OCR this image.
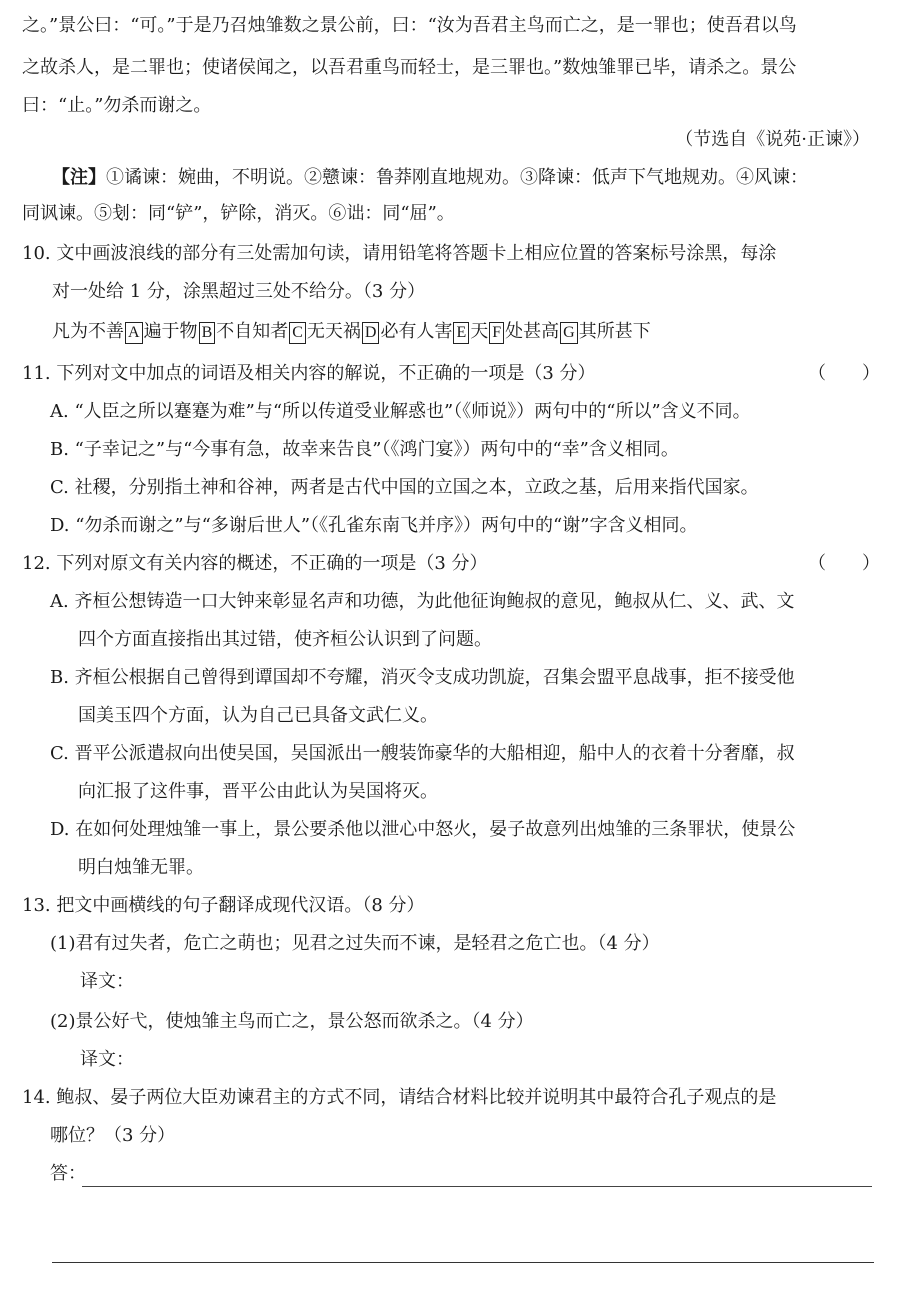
之。”景公曰：“可。”于是乃召烛雏数之景公前，曰：“汝为吾君主鸟而亡之，是一罪也；使吾君以鸟
之故杀人，是二罪也；使诸侯闻之，以吾君重鸟而轻士，是三罪也。”数烛雏罪已毕，请杀之。景公
曰：“止。”勿杀而谢之。
（节选自《说苑·正谏》）
【注】①谲谏：婉曲，不明说。②戆谏：鲁莽刚直地规劝。③降谏：低声下气地规劝。④风谏：
同讽谏。⑤刬：同“铲”，铲除，消灭。⑥诎：同“屈”。
10. 文中画波浪线的部分有三处需加句读，请用铅笔将答题卡上相应位置的答案标号涂黑，每涂
对一处给 1 分，涂黑超过三处不给分。（3 分）
凡为不善 A 遍于物 B 不自知者 C 无天祸 D 必有人害 E 天 F 处甚高 G 其所甚下
11. 下列对文中加点的词语及相关内容的解说，不正确的一项是（3 分）	（　　）
A. “人臣之所以蹇蹇为难”与“所以传道受业解惑也”（《师说》）两句中的“所以”含义不同。
B. “子幸记之”与“今事有急，故幸来告良”（《鸿门宴》）两句中的“幸”含义相同。
C. 社稷，分别指土神和谷神，两者是古代中国的立国之本，立政之基，后用来指代国家。
D. “勿杀而谢之”与“多谢后世人”（《孔雀东南飞并序》）两句中的“谢”字含义相同。
12. 下列对原文有关内容的概述，不正确的一项是（3 分）	（　　）
A. 齐桓公想铸造一口大钟来彰显名声和功德，为此他征询鲍叔的意见，鲍叔从仁、义、武、文
四个方面直接指出其过错，使齐桓公认识到了问题。
B. 齐桓公根据自己曾得到谭国却不夸耀，消灭令支成功凯旋，召集会盟平息战事，拒不接受他
国美玉四个方面，认为自己已具备文武仁义。
C. 晋平公派遣叔向出使吴国，吴国派出一艘装饰豪华的大船相迎，船中人的衣着十分奢靡，叔
向汇报了这件事，晋平公由此认为吴国将灭。
D. 在如何处理烛雏一事上，景公要杀他以泄心中怒火，晏子故意列出烛雏的三条罪状，使景公
明白烛雏无罪。
13. 把文中画横线的句子翻译成现代汉语。（8 分）
(1)君有过失者，危亡之萌也；见君之过失而不谏，是轻君之危亡也。（4 分）
译文：
(2)景公好弋，使烛雏主鸟而亡之，景公怒而欲杀之。（4 分）
译文：
14. 鲍叔、晏子两位大臣劝谏君主的方式不同，请结合材料比较并说明其中最符合孔子观点的是
哪位？（3 分）
答：
